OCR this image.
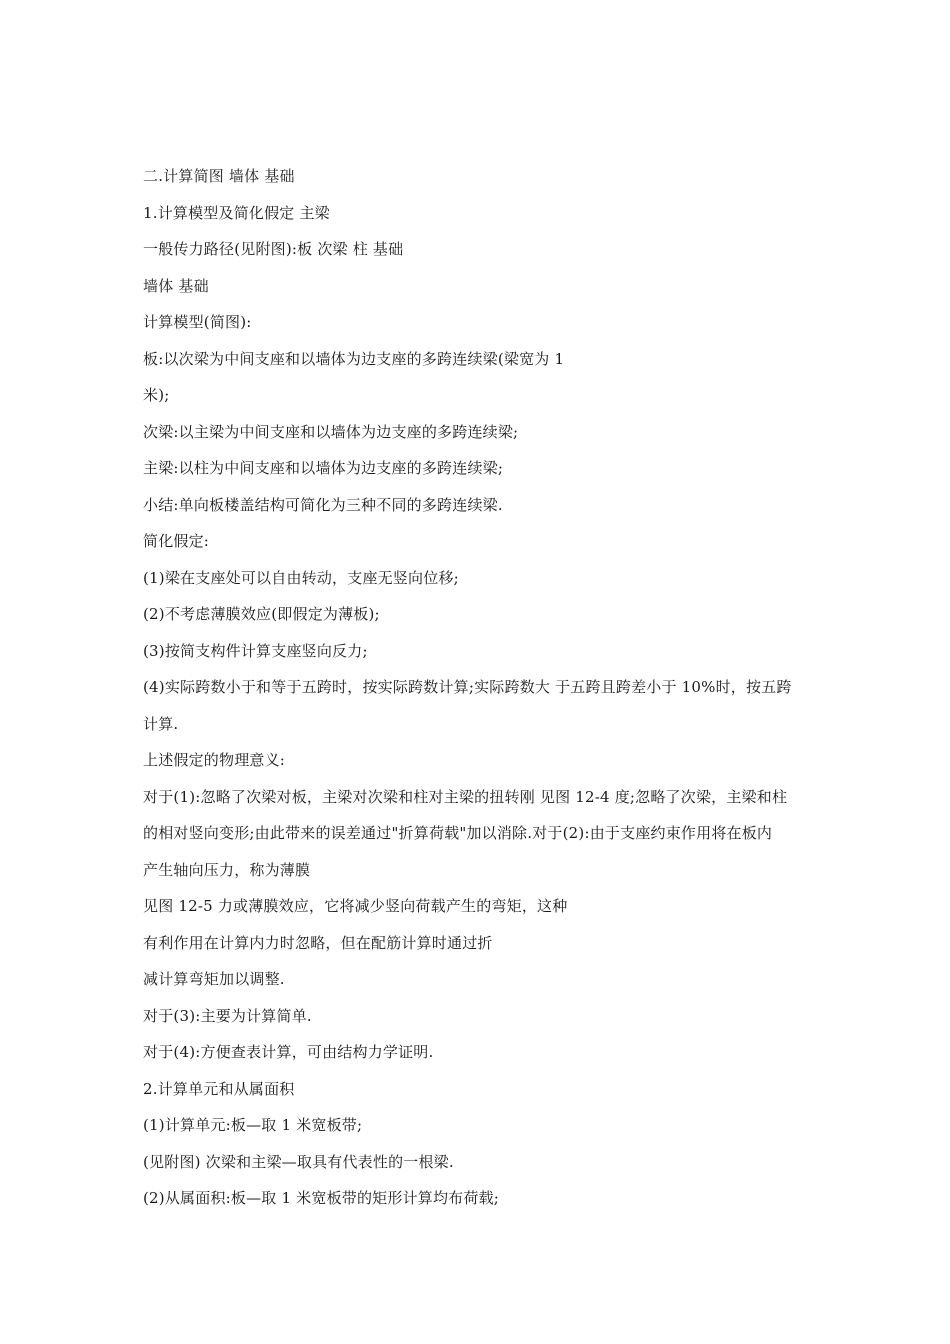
二.计算简图 墙体 基础
1.计算模型及简化假定 主梁
一般传力路径(见附图):板 次梁 柱 基础
墙体 基础
计算模型(简图):
板:以次梁为中间支座和以墙体为边支座的多跨连续梁(梁宽为 1
米);
次梁:以主梁为中间支座和以墙体为边支座的多跨连续梁;
主梁:以柱为中间支座和以墙体为边支座的多跨连续梁;
小结:单向板楼盖结构可简化为三种不同的多跨连续梁.
简化假定:
(1)梁在支座处可以自由转动，支座无竖向位移;
(2)不考虑薄膜效应(即假定为薄板);
(3)按简支构件计算支座竖向反力;
(4)实际跨数小于和等于五跨时，按实际跨数计算;实际跨数大 于五跨且跨差小于 10%时，按五跨
计算.
上述假定的物理意义:
对于(1):忽略了次梁对板，主梁对次梁和柱对主梁的扭转刚 见图 12-4 度;忽略了次梁，主梁和柱
的相对竖向变形;由此带来的误差通过"折算荷载"加以消除.对于(2):由于支座约束作用将在板内
产生轴向压力，称为薄膜
见图 12-5 力或薄膜效应，它将减少竖向荷载产生的弯矩，这种
有利作用在计算内力时忽略，但在配筋计算时通过折
减计算弯矩加以调整.
对于(3):主要为计算简单.
对于(4):方便查表计算，可由结构力学证明.
2.计算单元和从属面积
(1)计算单元:板—取 1 米宽板带;
(见附图) 次梁和主梁—取具有代表性的一根梁.
(2)从属面积:板—取 1 米宽板带的矩形计算均布荷载;
